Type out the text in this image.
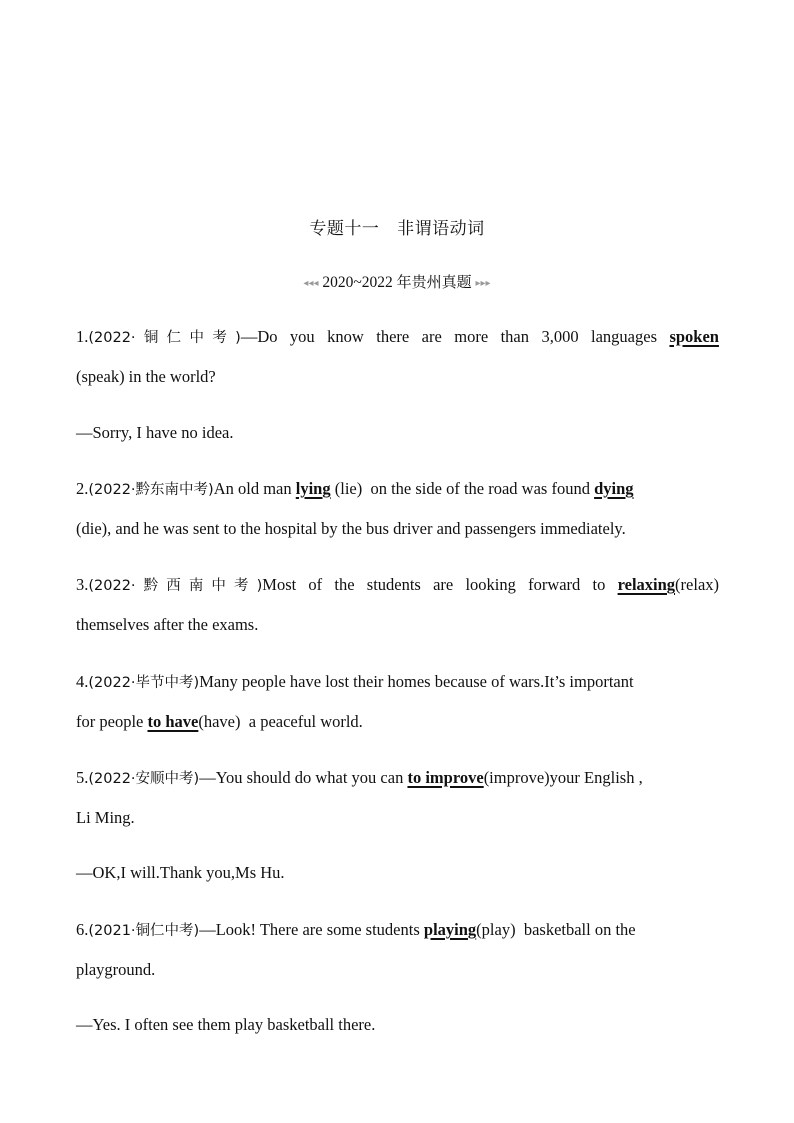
专题十一   非谓语动词
◂◂◂ 2020~2022 年贵州真题 ▸▸▸
1.(2022·铜仁中考)—Do you know there are more than 3,000 languages spoken
(speak) in the world?
—Sorry, I have no idea.
2.(2022·黔东南中考)An old man lying (lie)  on the side of the road was found dying
(die), and he was sent to the hospital by the bus driver and passengers immediately.
3.(2022·黔西南中考)Most of the students are looking forward to relaxing(relax)
themselves after the exams.
4.(2022·毕节中考)Many people have lost their homes because of wars.It’s important
for people to have(have)  a peaceful world.
5.(2022·安顺中考)—You should do what you can to improve(improve)your English ,
Li Ming.
—OK,I will.Thank you,Ms Hu.
6.(2021·铜仁中考)—Look! There are some students playing(play)  basketball on the
playground.
—Yes. I often see them play basketball there.
